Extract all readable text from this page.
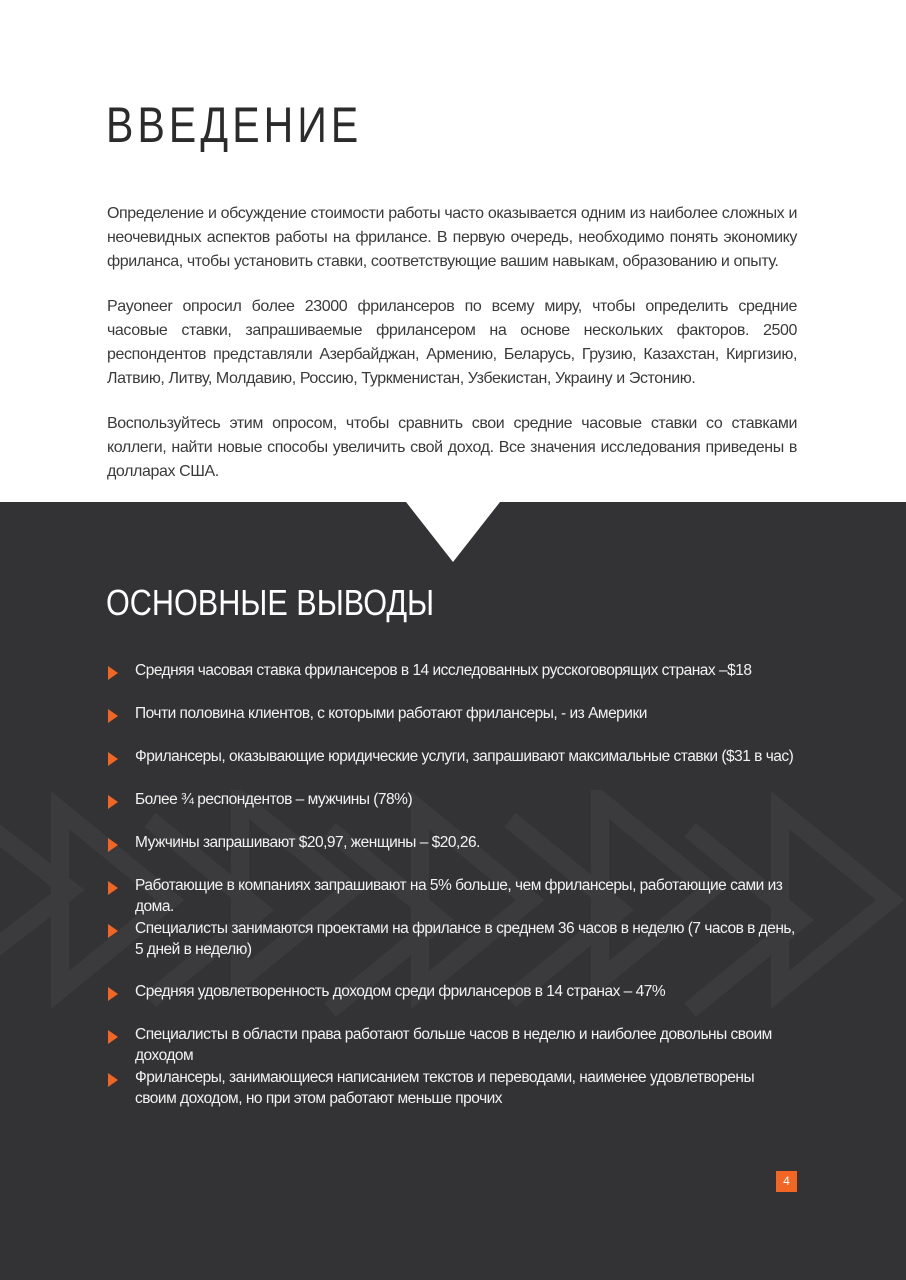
ВВЕДЕНИЕ

Определение и обсуждение стоимости работы часто оказывается одним из наиболее сложных и неочевидных аспектов работы на фрилансе. В первую очередь, необходимо понять экономику фриланса, чтобы установить ставки, соответствующие вашим навыкам, образованию и опыту.

Payoneer опросил более 23000 фрилансеров по всему миру, чтобы определить средние часовые ставки, запрашиваемые фрилансером на основе нескольких факторов. 2500 респондентов представляли Азербайджан, Армению, Беларусь, Грузию, Казахстан, Киргизию, Латвию, Литву, Молдавию, Россию, Туркменистан, Узбекистан, Украину и Эстонию.

Воспользуйтесь этим опросом, чтобы сравнить свои средние часовые ставки со ставками коллеги, найти новые способы увеличить свой доход. Все значения исследования приведены в долларах США.

ОСНОВНЫЕ ВЫВОДЫ
Средняя часовая ставка фрилансеров в 14 исследованных русскоговорящих странах –$18
Почти половина клиентов, с которыми работают фрилансеры, - из Америки
Фрилансеры, оказывающие юридические услуги, запрашивают максимальные ставки ($31 в час)
Более ¾ респондентов – мужчины (78%)
Мужчины запрашивают $20,97, женщины – $20,26.
Работающие в компаниях запрашивают на 5% больше, чем фрилансеры, работающие сами из дома.
Специалисты занимаются проектами на фрилансе в среднем 36 часов в неделю (7 часов в день, 5 дней в неделю)
Средняя удовлетворенность доходом среди фрилансеров в 14 странах – 47%
Специалисты в области права работают больше часов в неделю и наиболее довольны своим доходом
Фрилансеры, занимающиеся написанием текстов и переводами, наименее удовлетворены своим доходом, но при этом работают меньше прочих
4
